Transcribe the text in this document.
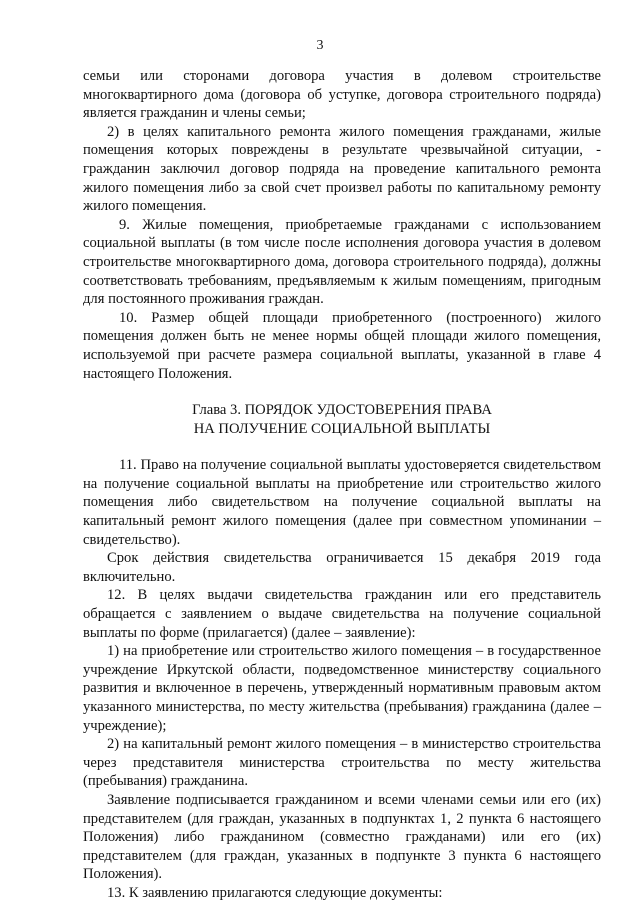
3

семьи или сторонами договора участия в долевом строительстве многоквартирного дома (договора об уступке, договора строительного подряда) является гражданин и члены семьи;

2) в целях капитального ремонта жилого помещения гражданами, жилые помещения которых повреждены в результате чрезвычайной ситуации, - гражданин заключил договор подряда на проведение капитального ремонта жилого помещения либо за свой счет произвел работы по капитальному ремонту жилого помещения.

9. Жилые помещения, приобретаемые гражданами с использованием социальной выплаты (в том числе после исполнения договора участия в долевом строительстве многоквартирного дома, договора строительного подряда), должны соответствовать требованиям, предъявляемым к жилым помещениям, пригодным для постоянного проживания граждан.

10. Размер общей площади приобретенного (построенного) жилого помещения должен быть не менее нормы общей площади жилого помещения, используемой при расчете размера социальной выплаты, указанной в главе 4 настоящего Положения.

Глава 3. ПОРЯДОК УДОСТОВЕРЕНИЯ ПРАВА
НА ПОЛУЧЕНИЕ СОЦИАЛЬНОЙ ВЫПЛАТЫ

11. Право на получение социальной выплаты удостоверяется свидетельством на получение социальной выплаты на приобретение или строительство жилого помещения либо свидетельством на получение социальной выплаты на капитальный ремонт жилого помещения (далее при совместном упоминании – свидетельство).

Срок действия свидетельства ограничивается 15 декабря 2019 года включительно.

12. В целях выдачи свидетельства гражданин или его представитель обращается с заявлением о выдаче свидетельства на получение социальной выплаты по форме (прилагается) (далее – заявление):

1) на приобретение или строительство жилого помещения – в государственное учреждение Иркутской области, подведомственное министерству социального развития и включенное в перечень, утвержденный нормативным правовым актом указанного министерства, по месту жительства (пребывания) гражданина (далее – учреждение);

2) на капитальный ремонт жилого помещения – в министерство строительства через представителя министерства строительства по месту жительства (пребывания) гражданина.

Заявление подписывается гражданином и всеми членами семьи или его (их) представителем (для граждан, указанных в подпунктах 1, 2 пункта 6 настоящего Положения) либо гражданином (совместно гражданами) или его (их) представителем (для граждан, указанных в подпункте 3 пункта 6 настоящего Положения).

13. К заявлению прилагаются следующие документы:
